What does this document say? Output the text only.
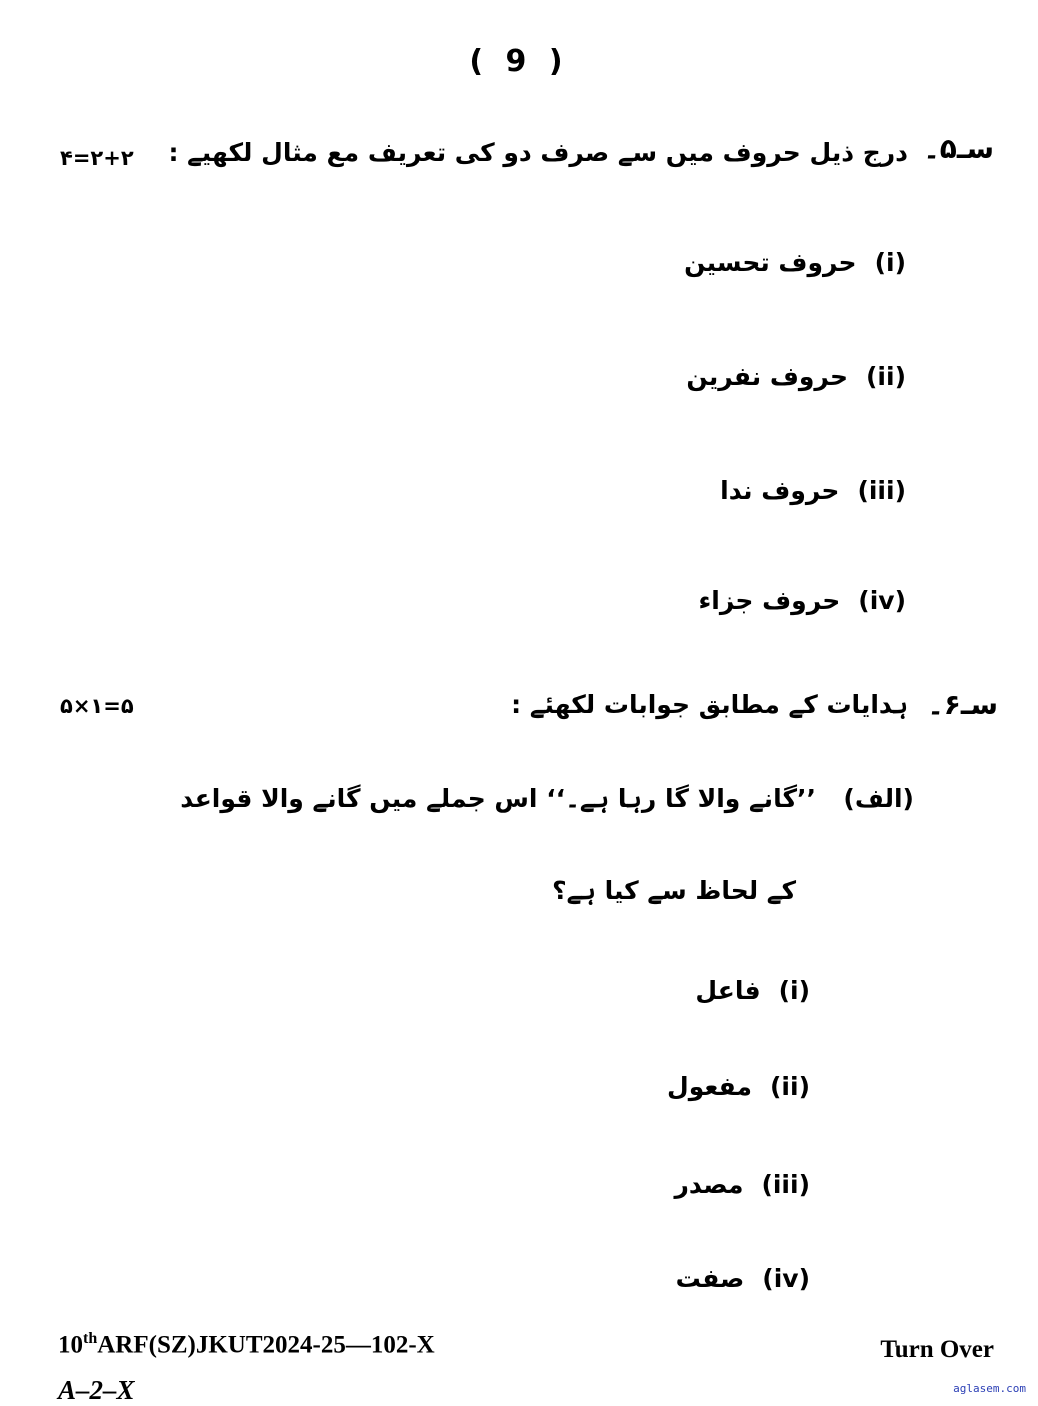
( 9 )
سـ۵۔
درج ذیل حروف میں سے صرف دو کی تعریف مع مثال لکھیے :
۴=۲+۲
(i)
حروف تحسین
(ii)
حروف نفرین
(iii)
حروف ندا
(iv)
حروف جزاء
سـ۶۔
ہدایات کے مطابق جوابات لکھئے :
۵×۱=۵
(الف)
’’گانے والا گا رہا ہے۔‘‘ اس جملے میں گانے والا قواعد
کے لحاظ سے کیا ہے؟
(i)
فاعل
(ii)
مفعول
(iii)
مصدر
(iv)
صفت
10thARF(SZ)JKUT2024-25—102-X	Turn Over
A–2–X	aglasem.com
